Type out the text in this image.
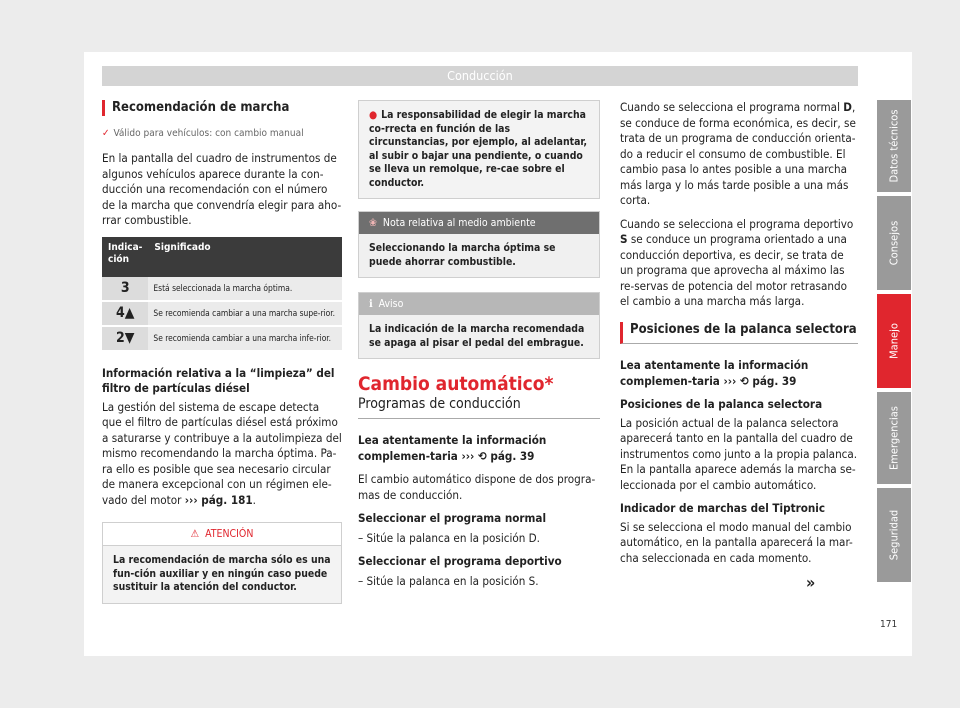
Conducción
Recomendación de marcha
✓ Válido para vehículos: con cambio manual

En la pantalla del cuadro de instrumentos de algunos vehículos aparece durante la con-ducción una recomendación con el número de la marcha que convendría elegir para aho-rrar combustible.

Indica-ción	Significado
3	Está seleccionada la marcha óptima.
4▲	Se recomienda cambiar a una marcha supe-rior.
2▼	Se recomienda cambiar a una marcha infe-rior.

Información relativa a la “limpieza” del filtro de partículas diésel

La gestión del sistema de escape detecta que el filtro de partículas diésel está próximo a saturarse y contribuye a la autolimpieza del mismo recomendando la marcha óptima. Pa-ra ello es posible que sea necesario circular de manera excepcional con un régimen ele-vado del motor ››› pág. 181.

⚠ ATENCIÓN
La recomendación de marcha sólo es una fun-ción auxiliar y en ningún caso puede sustituir la atención del conductor.
● La responsabilidad de elegir la marcha co-rrecta en función de las circunstancias, por ejemplo, al adelantar, al subir o bajar una pendiente, o cuando se lleva un remolque, re-cae sobre el conductor.
❀ Nota relativa al medio ambiente
Seleccionando la marcha óptima se puede ahorrar combustible.
ℹ Aviso
La indicación de la marcha recomendada se apaga al pisar el pedal del embrague.
Cambio automático*
Programas de conducción

Lea atentamente la información complemen-taria ››› ⟲ pág. 39

El cambio automático dispone de dos progra-mas de conducción.

Seleccionar el programa normal

– Sitúe la palanca en la posición D.

Seleccionar el programa deportivo

– Sitúe la palanca en la posición S.

Cuando se selecciona el programa normal D, se conduce de forma económica, es decir, se trata de un programa de conducción orienta-do a reducir el consumo de combustible. El cambio pasa lo antes posible a una marcha más larga y lo más tarde posible a una más corta.

Cuando se selecciona el programa deportivo S se conduce un programa orientado a una conducción deportiva, es decir, se trata de un programa que aprovecha al máximo las re-servas de potencia del motor retrasando el cambio a una marcha más larga.

Posiciones de la palanca selectora

Lea atentamente la información complemen-taria ››› ⟲ pág. 39

Posiciones de la palanca selectora

La posición actual de la palanca selectora aparecerá tanto en la pantalla del cuadro de instrumentos como junto a la propia palanca. En la pantalla aparece además la marcha se-leccionada por el cambio automático.

Indicador de marchas del Tiptronic

Si se selecciona el modo manual del cambio automático, en la pantalla aparecerá la mar-cha seleccionada en cada momento.

»
Datos técnicos
Consejos
Manejo
Emergencias
Seguridad
171
